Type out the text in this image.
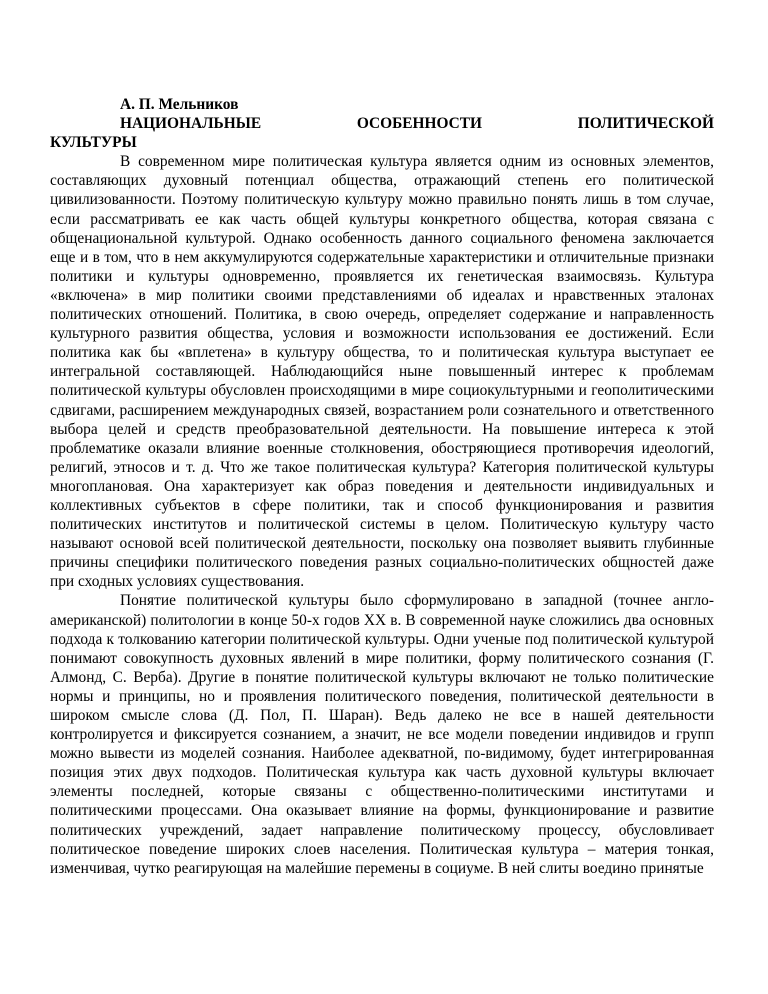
А. П. Мельников

НАЦИОНАЛЬНЫЕ ОСОБЕННОСТИ ПОЛИТИЧЕСКОЙ

КУЛЬТУРЫ

В современном мире политическая культура является одним из основных элементов, составляющих духовный потенциал общества, отражающий степень его политической цивилизованности. Поэтому политическую культуру можно правильно понять лишь в том случае, если рассматривать ее как часть общей культуры конкретного общества, которая связана с общенациональной культурой. Однако особенность данного социального феномена заключается еще и в том, что в нем аккумулируются содержательные характеристики и отличительные признаки политики и культуры одновременно, проявляется их генетическая взаимосвязь. Культура «включена» в мир политики своими представлениями об идеалах и нравственных эталонах политических отношений. Политика, в свою очередь, определяет содержание и направленность культурного развития общества, условия и возможности использования ее достижений. Если политика как бы «вплетена» в культуру общества, то и политическая культура выступает ее интегральной составляющей. Наблюдающийся ныне повышенный интерес к проблемам политической культуры обусловлен происходящими в мире социокультурными и геополитическими сдвигами, расширением международных связей, возрастанием роли сознательного и ответственного выбора целей и средств преобразовательной деятельности. На повышение интереса к этой проблематике оказали влияние военные столкновения, обостряющиеся противоречия идеологий, религий, этносов и т. д. Что же такое политическая культура? Категория политической культуры многоплановая. Она характеризует как образ поведения и деятельности индивидуальных и коллективных субъектов в сфере политики, так и способ функционирования и развития политических институтов и политической системы в целом. Политическую культуру часто называют основой всей политической деятельности, поскольку она позволяет выявить глубинные причины специфики политического поведения разных социально-политических общностей даже при сходных условиях существования.

Понятие политической культуры было сформулировано в западной (точнее англо-американской) политологии в конце 50‑х годов XX в. В современной науке сложились два основных подхода к толкованию категории политической культуры. Одни ученые под политической культурой понимают совокупность духовных явлений в мире политики, форму политического сознания (Г. Алмонд, С. Верба). Другие в понятие политической культуры включают не только политические нормы и принципы, но и проявления политического поведения, политической деятельности в широком смысле слова (Д. Пол, П. Шаран). Ведь далеко не все в нашей деятельности контролируется и фиксируется сознанием, а значит, не все модели поведении индивидов и групп можно вывести из моделей сознания. Наиболее адекватной, по-видимому, будет интегрированная позиция этих двух подходов. Политическая культура как часть духовной культуры включает элементы последней, которые связаны с общественно-политическими институтами и политическими процессами. Она оказывает влияние на формы, функционирование и развитие политических учреждений, задает направление политическому процессу, обусловливает политическое поведение широких слоев населения. Политическая культура – материя тонкая, изменчивая, чутко реагирующая на малейшие перемены в социуме. В ней слиты воедино принятые
